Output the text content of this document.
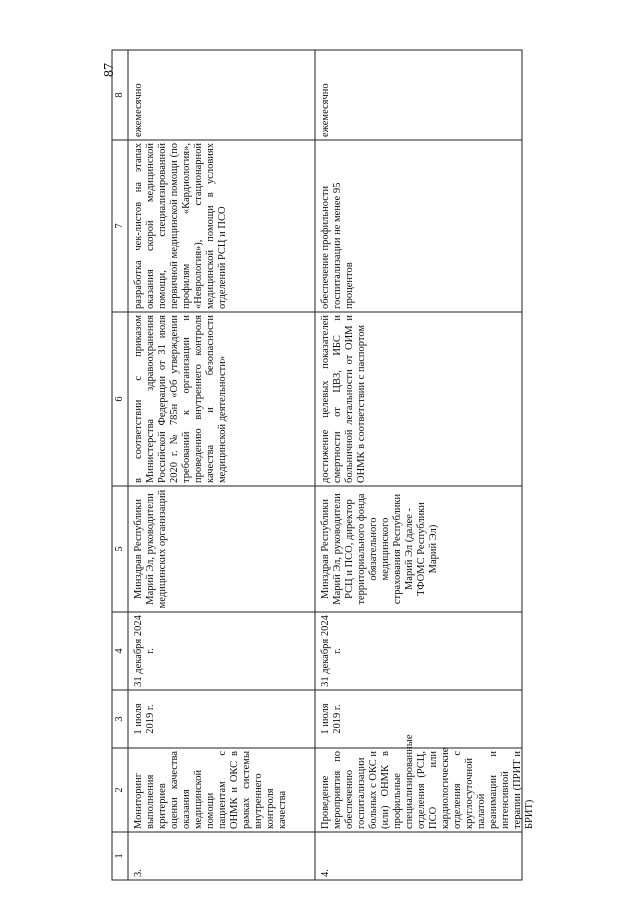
87
1
2
3
4
5
6
7
8
3.
Мониторинг выполнения критериев оценки качества оказания медицинской помощи пациентам с ОНМК и ОКС в рамках системы внутреннего контроля качества
1 июля 2019 г.
31 декабря 2024 г.
Минздрав Республики Марий Эл, руководители медицинских организаций
в соответствии с приказом Министерства здравоохранения Российской Федерации от 31 июля 2020 г. № 785н «Об утверждении требований к организации и проведению внутреннего контроля качества и безопасности медицинской деятельности»
разработка чек-листов на этапах оказания скорой медицинской помощи, специализированной первичной медицинской помощи (по профилям «Кардиология», «Неврология»), стационарной медицинской помощи в условиях отделений РСЦ и ПСО
ежемесячно
4.
Проведение мероприятия по обеспечению госпитализации больных с ОКС и (или) ОНМК в профильные специализированные отделения (РСЦ, ПСО или кардиологические отделения с круглосуточной палатой реанимации и интенсивной терапии (ПРИТ и БРИТ)
1 июля 2019 г.
31 декабря 2024 г.
Минздрав Республики Марий Эл, руководители РСЦ и ПСО, директор территориального фонда обязательного медицинского страхования Республики Марий Эл (далее - ТФОМС Республики Марий Эл)
достижение целевых показателей смертности от ЦВЗ, ИБС и больничной летальности от ОИМ и ОНМК в соответствии с паспортом
обеспечение профильности госпитализации не менее 95 процентов
ежемесячно
